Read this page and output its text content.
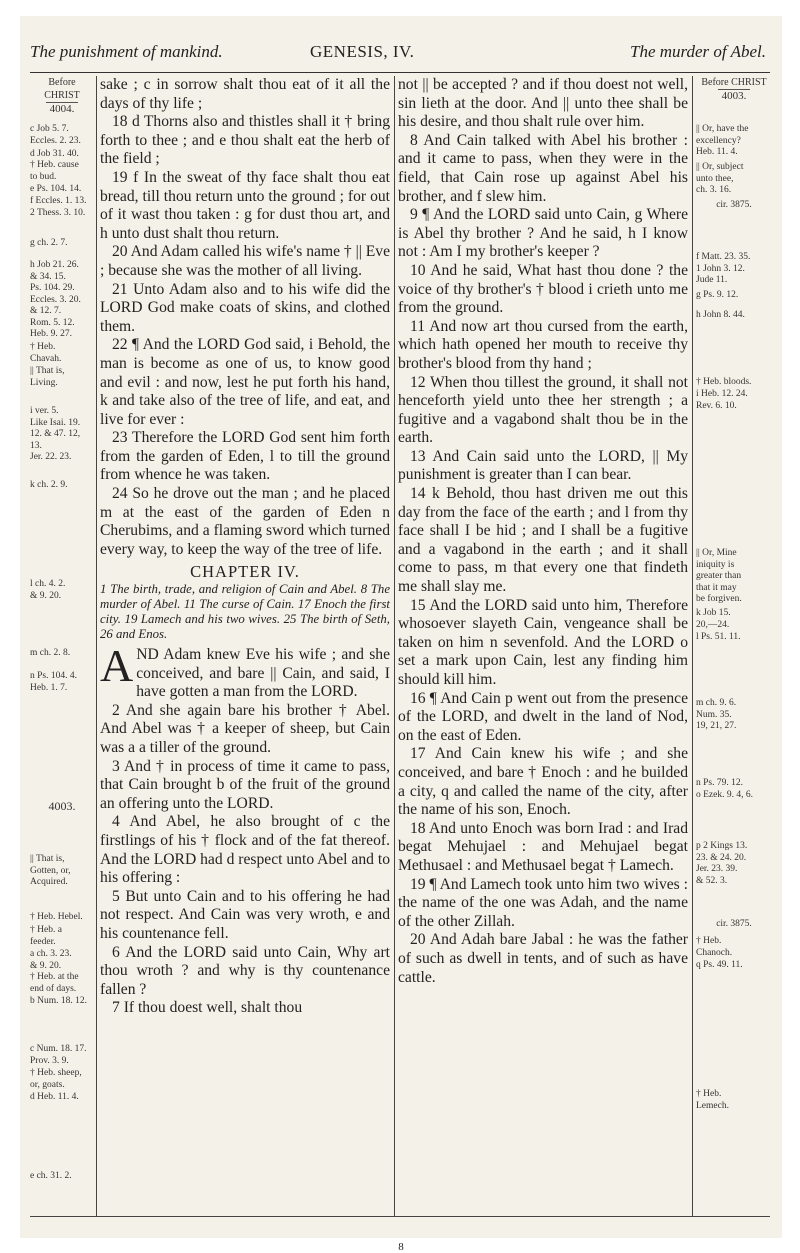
The punishment of mankind.	GENESIS, IV.	The murder of Abel.
Before CHRIST
4004.
c Job 5. 7.
Eccles. 2. 23.
d Job 31. 40.
† Heb. cause
to bud.
e Ps. 104. 14.
f Eccles. 1. 13.
2 Thess. 3. 10.
g ch. 2. 7.
h Job 21. 26.
& 34. 15.
Ps. 104. 29.
Eccles. 3. 20.
& 12. 7.
Rom. 5. 12.
Heb. 9. 27.
† Heb.
Chavah.
|| That is,
Living.
i ver. 5.
Like Isai. 19.
12. & 47. 12,
13.
Jer. 22. 23.
k ch. 2. 9.
l ch. 4. 2.
& 9. 20.
m ch. 2. 8.
n Ps. 104. 4.
Heb. 1. 7.
4003.
|| That is,
Gotten, or,
Acquired.
† Heb. Hebel.
† Heb. a
feeder.
a ch. 3. 23.
& 9. 20.
† Heb. at the
end of days.
b Num. 18. 12.
c Num. 18. 17.
Prov. 3. 9.
† Heb. sheep,
or, goats.
d Heb. 11. 4.
e ch. 31. 2.

sake ; c in sorrow shalt thou eat of it all the days of thy life ;

18 d Thorns also and thistles shall it † bring forth to thee ; and e thou shalt eat the herb of the field ;

19 f In the sweat of thy face shalt thou eat bread, till thou return unto the ground ; for out of it wast thou taken : g for dust thou art, and h unto dust shalt thou return.

20 And Adam called his wife's name † || Eve ; because she was the mother of all living.

21 Unto Adam also and to his wife did the LORD God make coats of skins, and clothed them.

22 ¶ And the LORD God said, i Behold, the man is become as one of us, to know good and evil : and now, lest he put forth his hand, k and take also of the tree of life, and eat, and live for ever :

23 Therefore the LORD God sent him forth from the garden of Eden, l to till the ground from whence he was taken.

24 So he drove out the man ; and he placed m at the east of the garden of Eden n Cherubims, and a flaming sword which turned every way, to keep the way of the tree of life.

CHAPTER IV.

1 The birth, trade, and religion of Cain and Abel. 8 The murder of Abel. 11 The curse of Cain. 17 Enoch the first city. 19 Lamech and his two wives. 25 The birth of Seth, 26 and Enos.

A ND Adam knew Eve his wife ; and she conceived, and bare || Cain, and said, I have gotten a man from the LORD.

2 And she again bare his brother † Abel. And Abel was † a keeper of sheep, but Cain was a a tiller of the ground.

3 And † in process of time it came to pass, that Cain brought b of the fruit of the ground an offering unto the LORD.

4 And Abel, he also brought of c the firstlings of his † flock and of the fat thereof. And the LORD had d respect unto Abel and to his offering :

5 But unto Cain and to his offering he had not respect. And Cain was very wroth, e and his countenance fell.

6 And the LORD said unto Cain, Why art thou wroth ? and why is thy countenance fallen ?

7 If thou doest well, shalt thou

not || be accepted ? and if thou doest not well, sin lieth at the door. And || unto thee shall be his desire, and thou shalt rule over him.

8 And Cain talked with Abel his brother : and it came to pass, when they were in the field, that Cain rose up against Abel his brother, and f slew him.

9 ¶ And the LORD said unto Cain, g Where is Abel thy brother ? And he said, h I know not : Am I my brother's keeper ?

10 And he said, What hast thou done ? the voice of thy brother's † blood i crieth unto me from the ground.

11 And now art thou cursed from the earth, which hath opened her mouth to receive thy brother's blood from thy hand ;

12 When thou tillest the ground, it shall not henceforth yield unto thee her strength ; a fugitive and a vagabond shalt thou be in the earth.

13 And Cain said unto the LORD, || My punishment is greater than I can bear.

14 k Behold, thou hast driven me out this day from the face of the earth ; and l from thy face shall I be hid ; and I shall be a fugitive and a vagabond in the earth ; and it shall come to pass, m that every one that findeth me shall slay me.

15 And the LORD said unto him, Therefore whosoever slayeth Cain, vengeance shall be taken on him n sevenfold. And the LORD o set a mark upon Cain, lest any finding him should kill him.

16 ¶ And Cain p went out from the presence of the LORD, and dwelt in the land of Nod, on the east of Eden.

17 And Cain knew his wife ; and she conceived, and bare † Enoch : and he builded a city, q and called the name of the city, after the name of his son, Enoch.

18 And unto Enoch was born Irad : and Irad begat Mehujael : and Mehujael begat Methusael : and Methusael begat † Lamech.

19 ¶ And Lamech took unto him two wives : the name of the one was Adah, and the name of the other Zillah.

20 And Adah bare Jabal : he was the father of such as dwell in tents, and of such as have cattle.

Before CHRIST
4003.
|| Or, have the
excellency?
Heb. 11. 4.
|| Or, subject
unto thee,
ch. 3. 16.
cir. 3875.
f Matt. 23. 35.
1 John 3. 12.
Jude 11.
g Ps. 9. 12.
h John 8. 44.
† Heb. bloods.
i Heb. 12. 24.
Rev. 6. 10.
|| Or, Mine
iniquity is
greater than
that it may
be forgiven.
k Job 15.
20,—24.
l Ps. 51. 11.
m ch. 9. 6.
Num. 35.
19, 21, 27.
n Ps. 79. 12.
o Ezek. 9. 4, 6.
p 2 Kings 13.
23. & 24. 20.
Jer. 23. 39.
& 52. 3.
cir. 3875.
† Heb.
Chanoch.
q Ps. 49. 11.
† Heb.
Lemech.
8
